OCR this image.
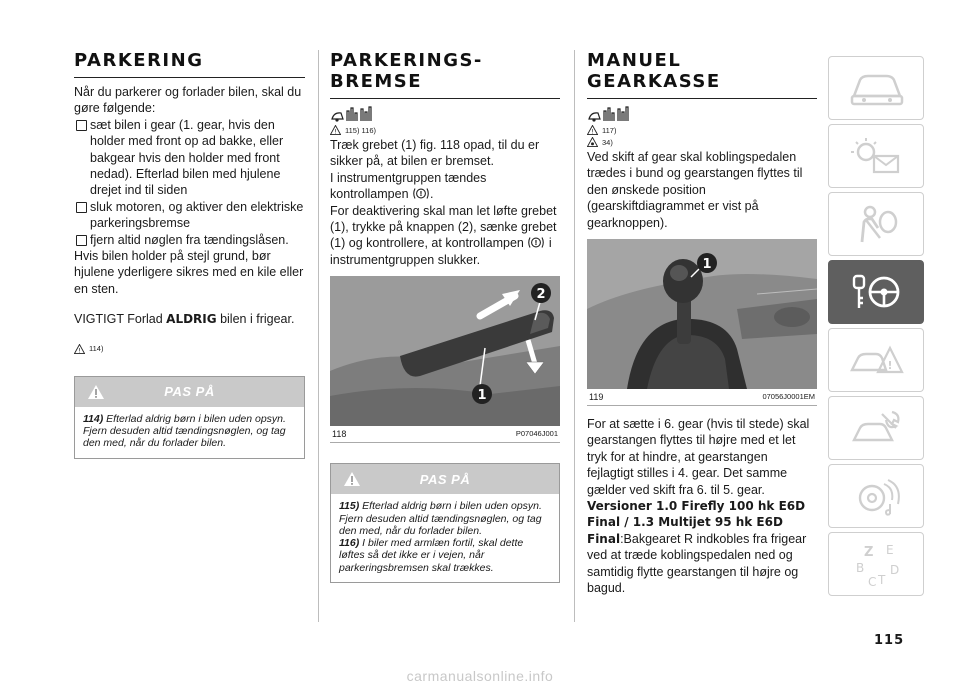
PARKERING
Når du parkerer og forlader bilen, skal du gøre følgende:
sæt bilen i gear (1. gear, hvis den holder med front op ad bakke, eller bakgear hvis den holder med front nedad). Efterlad bilen med hjulene drejet ind til siden
sluk motoren, og aktiver den elektriske parkeringsbremse
fjern altid nøglen fra tændingslåsen.
Hvis bilen holder på stejl grund, bør hjulene yderligere sikres med en kile eller en sten.
VIGTIGT Forlad ALDRIG bilen i frigear.
! 114)
PAS PÅ
114) Efterlad aldrig børn i bilen uden opsyn. Fjern desuden altid tændingsnøglen, og tag den med, når du forlader bilen.
PARKERINGS-
BREMSE
! 115) 116)
Træk grebet (1) fig. 118 opad, til du er sikker på, at bilen er bremset.
I instrumentgruppen tændes kontrollampen ! .
For deaktivering skal man let løfte grebet (1), trykke på knappen (2), sænke grebet (1) og kontrollere, at kontrollampen ! i instrumentgruppen slukker.
1
2
118	P07046J001
PAS PÅ
115) Efterlad aldrig børn i bilen uden opsyn. Fjern desuden altid tændingsnøglen, og tag den med, når du forlader bilen.
116) I biler med armlæn fortil, skal dette løftes så det ikke er i vejen, når parkeringsbremsen skal trækkes.
MANUEL
GEARKASSE
! 117)
34)
Ved skift af gear skal koblingspedalen trædes i bund og gearstangen flyttes til den ønskede position (gearskiftdiagrammet er vist på gearknoppen).
1
119	07056J0001EM
For at sætte i 6. gear (hvis til stede) skal gearstangen flyttes til højre med et let tryk for at hindre, at gearstangen fejlagtigt stilles i 4. gear. Det samme gælder ved skift fra 6. til 5. gear.
Versioner 1.0 Firefly 100 hk E6D Final / 1.3 Multijet 95 hk E6D Final:Bakgearet R indkobles fra frigear ved at træde koblingspedalen ned og samtidig flytte gearstangen til højre og bagud.
!
Z E
B
C T
D
115
carmanualsonline.info
